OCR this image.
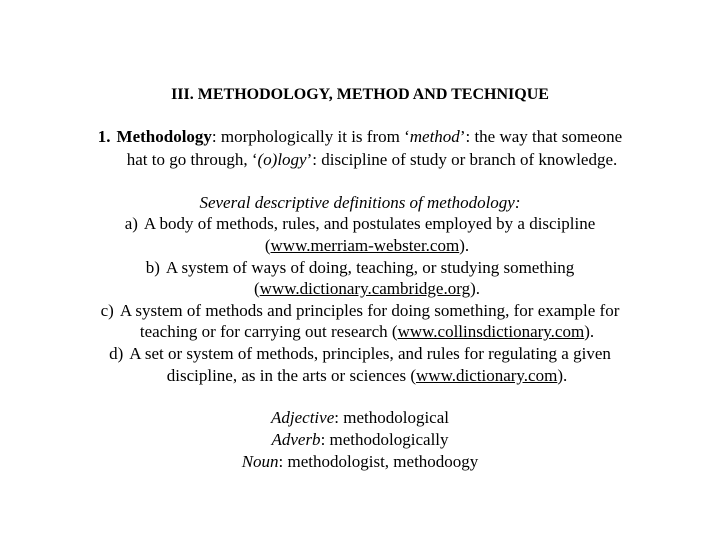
III. METHODOLOGY, METHOD AND TECHNIQUE
1. Methodology: morphologically it is from ‘method’: the way that someone
hat to go through, ‘(o)logy’: discipline of study or branch of knowledge.
Several descriptive definitions of methodology:
a) A body of methods, rules, and postulates employed by a discipline
(www.merriam-webster.com).
b) A system of ways of doing, teaching, or studying something
(www.dictionary.cambridge.org).
c) A system of methods and principles for doing something, for example for
teaching or for carrying out research (www.collinsdictionary.com).
d) A set or system of methods, principles, and rules for regulating a given
discipline, as in the arts or sciences (www.dictionary.com).
Adjective: methodological
Adverb: methodologically
Noun: methodologist, methodoogy
